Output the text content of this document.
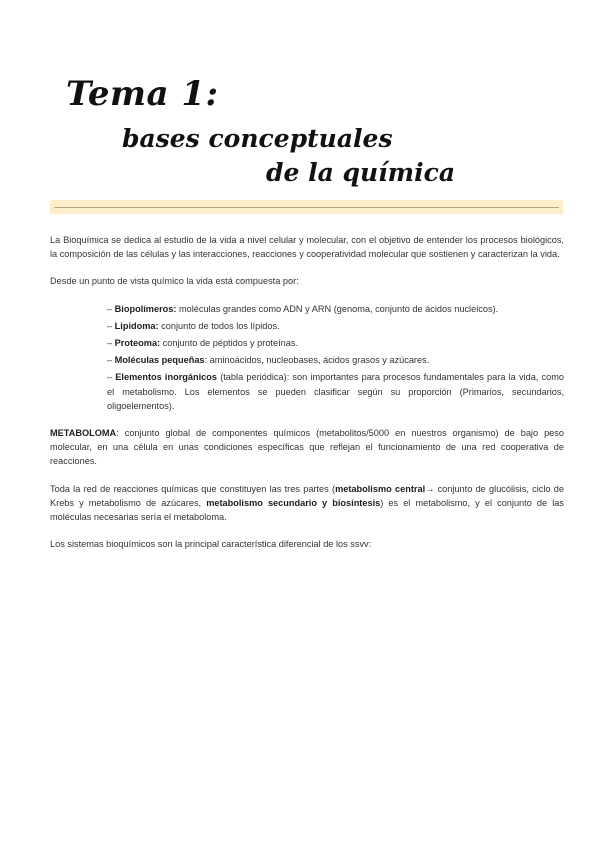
Tema 1:
bases conceptuales
de la química

La Bioquímica se dedica al estudio de la vida a nivel celular y molecular, con el objetivo de entender los procesos biológicos, la composición de las células y las interacciones, reacciones y cooperatividad molecular que sostienen y caracterizan la vida.

Desde un punto de vista químico la vida está compuesta por:

– Biopolímeros: moléculas grandes como ADN y ARN (genoma, conjunto de ácidos nucleicos).
– Lipidoma: conjunto de todos los lípidos.
– Proteoma: conjunto de péptidos y proteínas.
– Moléculas pequeñas: aminoácidos, nucleobases, ácidos grasos y azúcares.
– Elementos inorgánicos (tabla periódica): son importantes para procesos fundamentales para la vida, como el metabolismo. Los elementos se pueden clasificar según su proporción (Primarios, secundarios, oligoelementos).

METABOLOMA: conjunto global de componentes químicos (metabolitos/5000 en nuestros organismo) de bajo peso molecular, en una célula en unas condiciones específicas que reflejan el funcionamiento de una red cooperativa de reacciones.

Toda la red de reacciones químicas que constituyen las tres partes (metabolismo central→ conjunto de glucólisis, ciclo de Krebs y metabolismo de azúcares, metabolismo secundario y biosíntesis) es el metabolismo, y el conjunto de las moléculas necesarias sería el metaboloma.

Los sistemas bioquímicos son la principal característica diferencial de los ssvv:
